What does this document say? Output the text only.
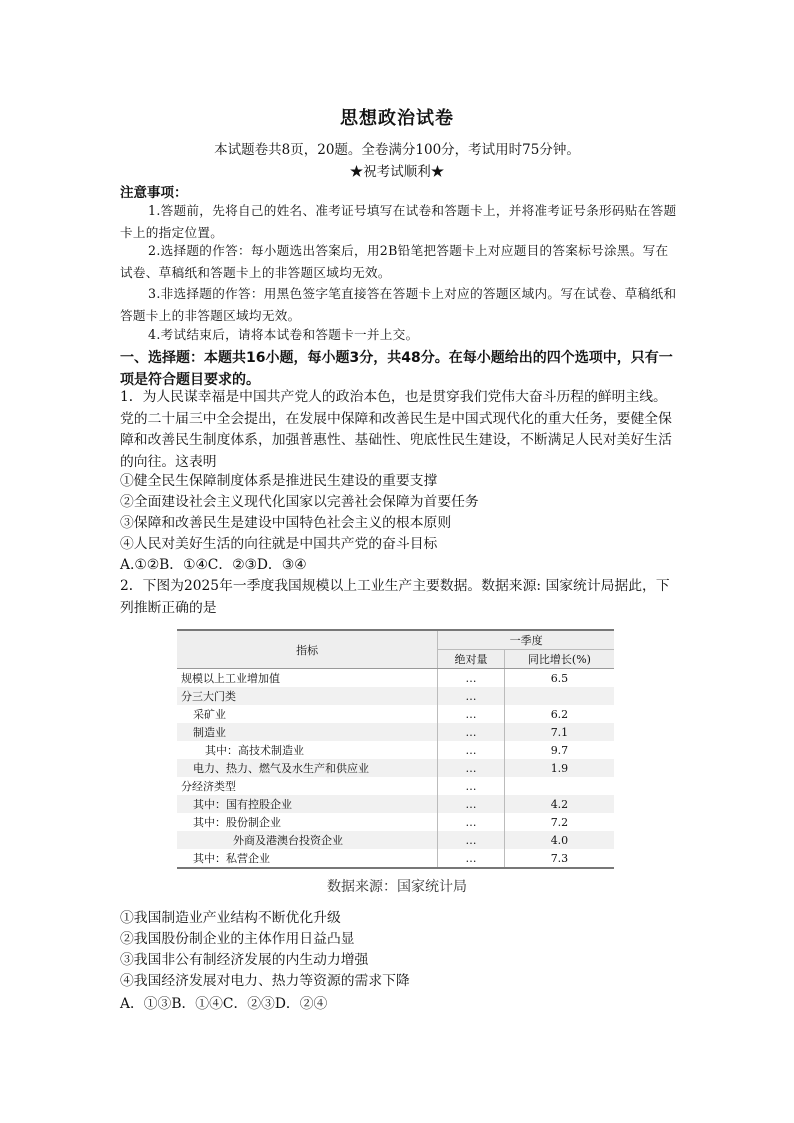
思想政治试卷
本试题卷共8页，20题。全卷满分100分，考试用时75分钟。
★祝考试顺利★
注意事项：
1.答题前，先将自己的姓名、准考证号填写在试卷和答题卡上，并将准考证号条形码贴在答题卡上的指定位置。
2.选择题的作答：每小题选出答案后，用2B铅笔把答题卡上对应题目的答案标号涂黑。写在试卷、草稿纸和答题卡上的非答题区域均无效。
3.非选择题的作答：用黑色签字笔直接答在答题卡上对应的答题区域内。写在试卷、草稿纸和答题卡上的非答题区域均无效。
4.考试结束后，请将本试卷和答题卡一并上交。
一、选择题：本题共16小题，每小题3分，共48分。在每小题给出的四个选项中，只有一项是符合题目要求的。
1．为人民谋幸福是中国共产党人的政治本色，也是贯穿我们党伟大奋斗历程的鲜明主线。党的二十届三中全会提出，在发展中保障和改善民生是中国式现代化的重大任务，要健全保障和改善民生制度体系，加强普惠性、基础性、兜底性民生建设，不断满足人民对美好生活的向往。这表明
①健全民生保障制度体系是推进民生建设的重要支撑
②全面建设社会主义现代化国家以完善社会保障为首要任务
③保障和改善民生是建设中国特色社会主义的根本原则
④人民对美好生活的向往就是中国共产党的奋斗目标
A.①②B．①④C．②③D．③④
2．下图为2025年一季度我国规模以上工业生产主要数据。数据来源: 国家统计局据此，下列推断正确的是
指标	一季度	
	绝对量	同比增长(%)
规模以上工业增加值	…	6.5
分三大门类	…	
采矿业	…	6.2
制造业	…	7.1
其中：高技术制造业	…	9.7
电力、热力、燃气及水生产和供应业	…	1.9
分经济类型	…	
其中：国有控股企业	…	4.2
其中：股份制企业	…	7.2
外商及港澳台投资企业	…	4.0
其中：私营企业	…	7.3
数据来源：国家统计局
①我国制造业产业结构不断优化升级
②我国股份制企业的主体作用日益凸显
③我国非公有制经济发展的内生动力增强
④我国经济发展对电力、热力等资源的需求下降
A．①③B．①④C．②③D．②④
